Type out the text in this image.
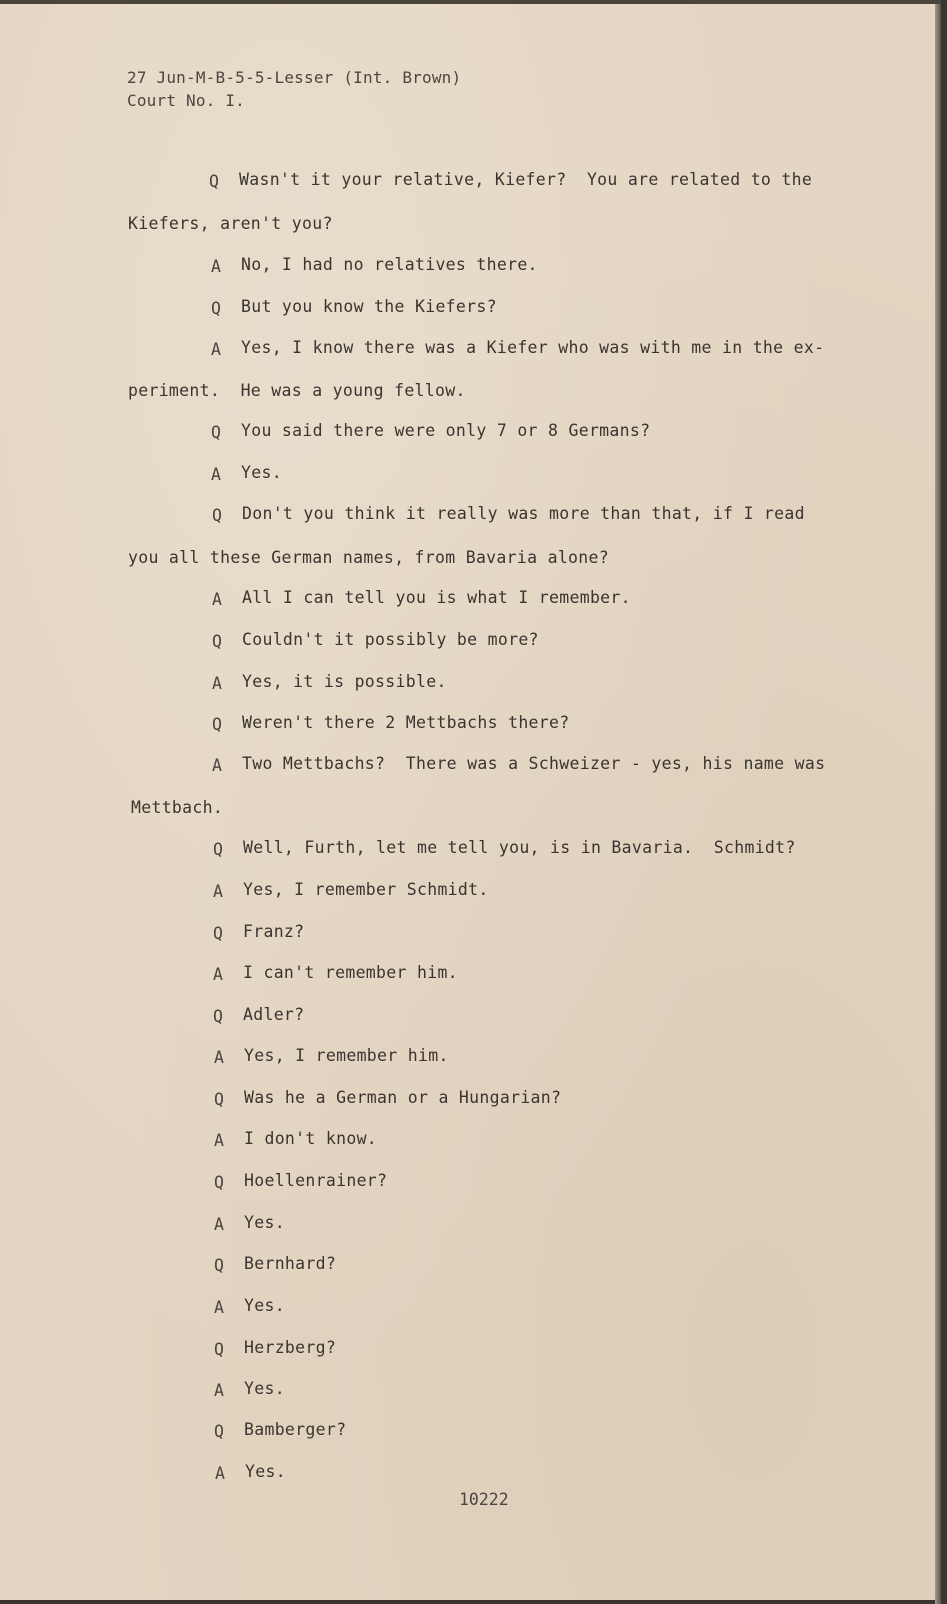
27 Jun-M-B-5-5-Lesser (Int. Brown)
Court No. I.
Q Wasn't it your relative, Kiefer?  You are related to the
Kiefers, aren't you?
A No, I had no relatives there.
Q But you know the Kiefers?
A Yes, I know there was a Kiefer who was with me in the ex-
periment.  He was a young fellow.
Q You said there were only 7 or 8 Germans?
A Yes.
Q Don't you think it really was more than that, if I read
you all these German names, from Bavaria alone?
A All I can tell you is what I remember.
Q Couldn't it possibly be more?
A Yes, it is possible.
Q Weren't there 2 Mettbachs there?
A Two Mettbachs?  There was a Schweizer - yes, his name was
Mettbach.
Q Well, Furth, let me tell you, is in Bavaria.  Schmidt?
A Yes, I remember Schmidt.
Q Franz?
A I can't remember him.
Q Adler?
A Yes, I remember him.
Q Was he a German or a Hungarian?
A I don't know.
Q Hoellenrainer?
A Yes.
Q Bernhard?
A Yes.
Q Herzberg?
A Yes.
Q Bamberger?
A Yes.
10222
